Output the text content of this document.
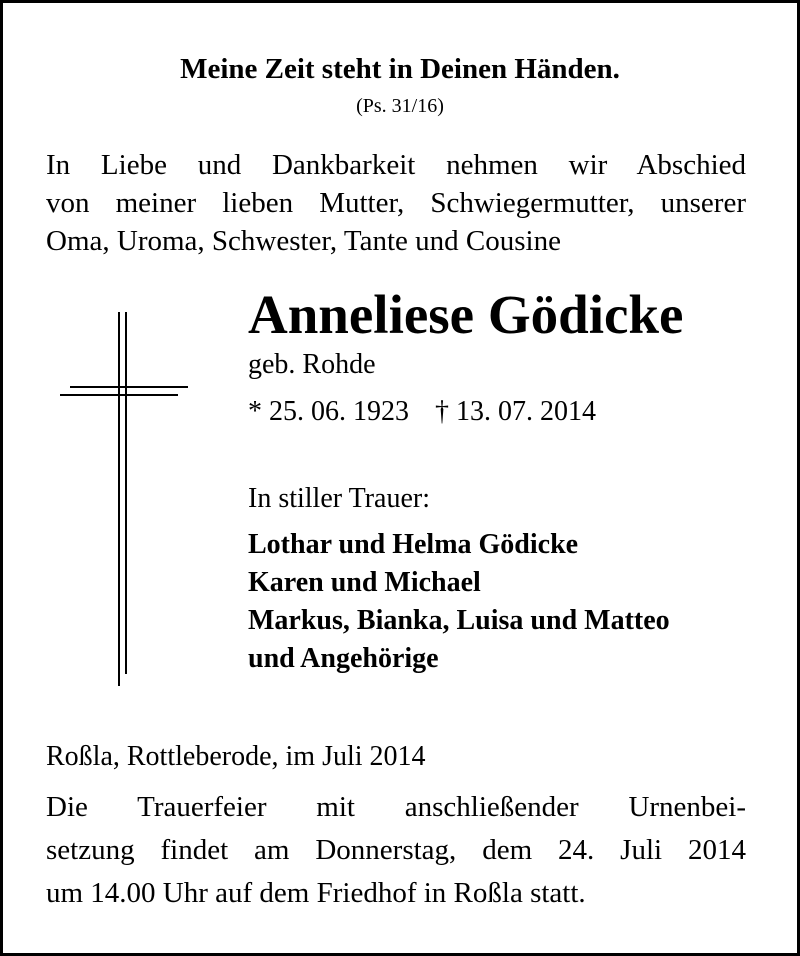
Meine Zeit steht in Deinen Händen.
(Ps. 31/16)
In Liebe und Dankbarkeit nehmen wir Abschied
von meiner lieben Mutter, Schwiegermutter, unserer
Oma, Uroma, Schwester, Tante und Cousine
Anneliese Gödicke
geb. Rohde
* 25. 06. 1923 † 13. 07. 2014
In stiller Trauer:
Lothar und Helma Gödicke
Karen und Michael
Markus, Bianka, Luisa und Matteo
und Angehörige
Roßla, Rottleberode, im Juli 2014
Die Trauerfeier mit anschließender Urnenbei-
setzung findet am Donnerstag, dem 24. Juli 2014
um 14.00 Uhr auf dem Friedhof in Roßla statt.
